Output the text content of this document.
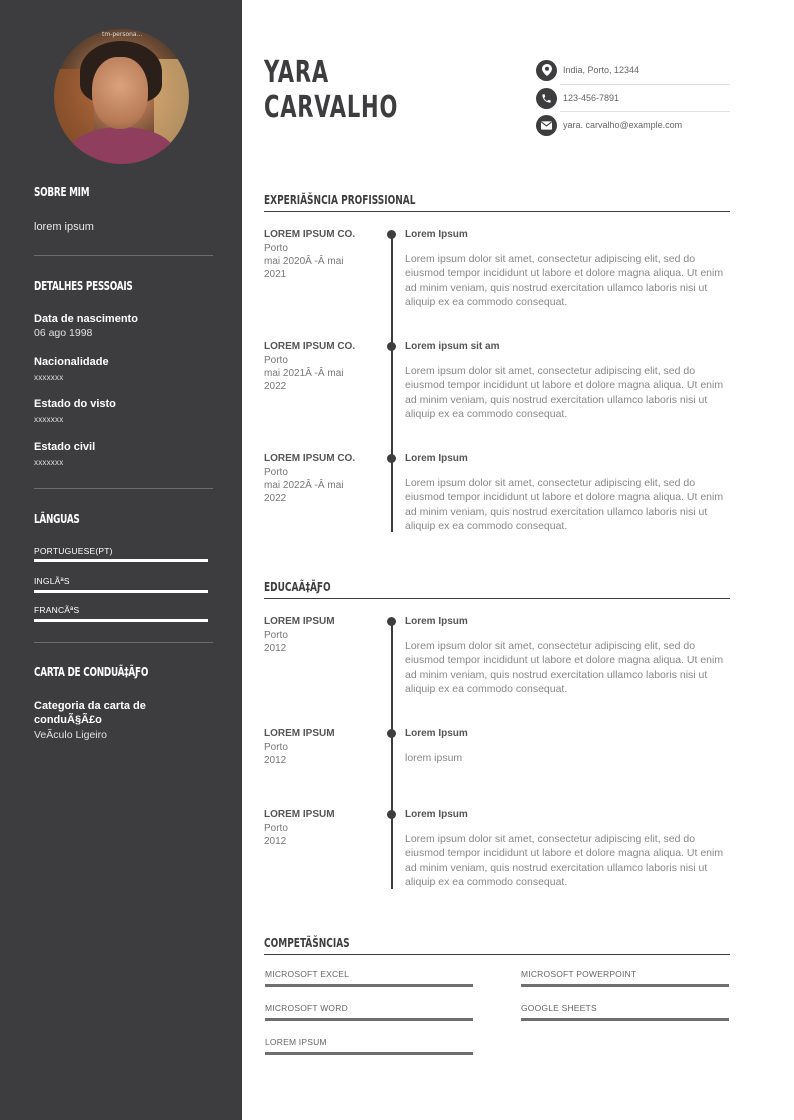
tm-persona...
SOBRE MIM
lorem ipsum
DETALHES PESSOAIS
Data de nascimento
06 ago 1998
Nacionalidade
xxxxxxx
Estado do visto
xxxxxxx
Estado civil
xxxxxxx
LÃNGUAS
PORTUGUESE(PT)
INGLÃªS
FRANCÃªS
CARTA DE CONDUÃ‡ÃƑO
Categoria da carta de
conduÃ§Ã£o
VeÃculo Ligeiro
YARA
CARVALHO
India, Porto, 12344
123-456-7891
yara. carvalho@example.com
EXPERIÃŠNCIA PROFISSIONAL
LOREM IPSUM CO.
Porto
mai 2020Â -Â mai
2021
Lorem Ipsum
Lorem ipsum dolor sit amet, consectetur adipiscing elit, sed do eiusmod tempor incididunt ut labore et dolore magna aliqua. Ut enim ad minim veniam, quis nostrud exercitation ullamco laboris nisi ut aliquip ex ea commodo consequat.
LOREM IPSUM CO.
Porto
mai 2021Â -Â mai
2022
Lorem ipsum sit am
Lorem ipsum dolor sit amet, consectetur adipiscing elit, sed do eiusmod tempor incididunt ut labore et dolore magna aliqua. Ut enim ad minim veniam, quis nostrud exercitation ullamco laboris nisi ut aliquip ex ea commodo consequat.
LOREM IPSUM CO.
Porto
mai 2022Â -Â mai
2022
Lorem Ipsum
Lorem ipsum dolor sit amet, consectetur adipiscing elit, sed do eiusmod tempor incididunt ut labore et dolore magna aliqua. Ut enim ad minim veniam, quis nostrud exercitation ullamco laboris nisi ut aliquip ex ea commodo consequat.
EDUCAÃ‡ÃƑO
LOREM IPSUM
Porto
2012
Lorem Ipsum
Lorem ipsum dolor sit amet, consectetur adipiscing elit, sed do eiusmod tempor incididunt ut labore et dolore magna aliqua. Ut enim ad minim veniam, quis nostrud exercitation ullamco laboris nisi ut aliquip ex ea commodo consequat.
LOREM IPSUM
Porto
2012
Lorem Ipsum
lorem ipsum
LOREM IPSUM
Porto
2012
Lorem Ipsum
Lorem ipsum dolor sit amet, consectetur adipiscing elit, sed do eiusmod tempor incididunt ut labore et dolore magna aliqua. Ut enim ad minim veniam, quis nostrud exercitation ullamco laboris nisi ut aliquip ex ea commodo consequat.
COMPETÃŠNCIAS
MICROSOFT EXCEL	MICROSOFT POWERPOINT
MICROSOFT WORD	GOOGLE SHEETS
LOREM IPSUM
